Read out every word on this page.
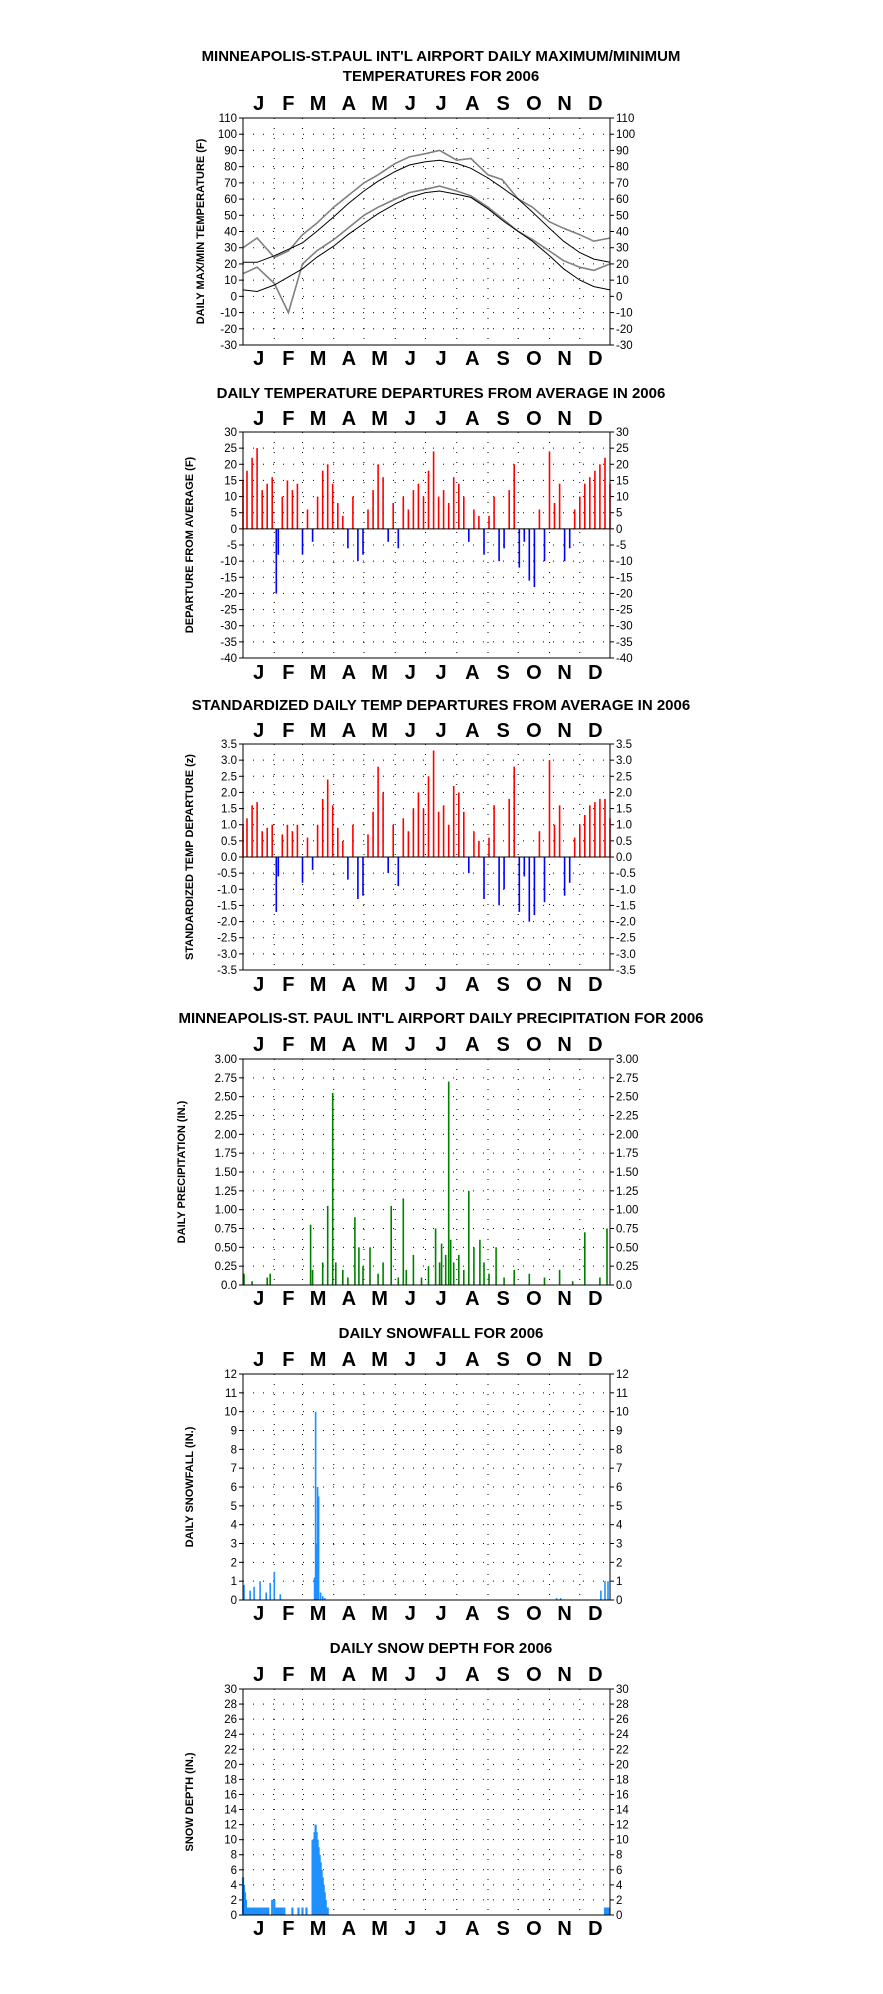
MINNEAPOLIS-ST.PAUL INT'L AIRPORT DAILY MAXIMUM/MINIMUM
TEMPERATURES FOR 2006
-30	-30
-20	-20
-10	-10
0	0
10	10
20	20
30	30
40	40
50	50
60	60
70	70
80	80
90	90
100	100
110	110
J
J
F
F
M
M
A
A
M
M
J
J
J
J
A
A
S
S
O
O
N
N
D
D
DAILY MAX/MIN TEMPERATURE (F)
DAILY TEMPERATURE DEPARTURES FROM AVERAGE IN 2006
-40	-40
-35	-35
-30	-30
-25	-25
-20	-20
-15	-15
-10	-10
-5	-5
0	0
5	5
10	10
15	15
20	20
25	25
30	30
J
J
F
F
M
M
A
A
M
M
J
J
J
J
A
A
S
S
O
O
N
N
D
D
DEPARTURE FROM AVERAGE (F)
STANDARDIZED DAILY TEMP DEPARTURES FROM AVERAGE IN 2006
-3.5	-3.5
-3.0	-3.0
-2.5	-2.5
-2.0	-2.0
-1.5	-1.5
-1.0	-1.0
-0.5	-0.5
0.0	0.0
0.5	0.5
1.0	1.0
1.5	1.5
2.0	2.0
2.5	2.5
3.0	3.0
3.5	3.5
J
J
F
F
M
M
A
A
M
M
J
J
J
J
A
A
S
S
O
O
N
N
D
D
STANDARDIZED TEMP DEPARTURE (z)
MINNEAPOLIS-ST. PAUL INT'L AIRPORT DAILY PRECIPITATION FOR 2006
0.0	0.0
0.25	0.25
0.50	0.50
0.75	0.75
1.00	1.00
1.25	1.25
1.50	1.50
1.75	1.75
2.00	2.00
2.25	2.25
2.50	2.50
2.75	2.75
3.00	3.00
J
J
F
F
M
M
A
A
M
M
J
J
J
J
A
A
S
S
O
O
N
N
D
D
DAILY PRECIPITATION (IN.)
DAILY SNOWFALL FOR 2006
0	0
1	1
2	2
3	3
4	4
5	5
6	6
7	7
8	8
9	9
10	10
11	11
12	12
J
J
F
F
M
M
A
A
M
M
J
J
J
J
A
A
S
S
O
O
N
N
D
D
DAILY SNOWFALL (IN.)
DAILY SNOW DEPTH FOR 2006
0	0
2	2
4	4
6	6
8	8
10	10
12	12
14	14
16	16
18	18
20	20
22	22
24	24
26	26
28	28
30	30
J
J
F
F
M
M
A
A
M
M
J
J
J
J
A
A
S
S
O
O
N
N
D
D
SNOW DEPTH (IN.)
